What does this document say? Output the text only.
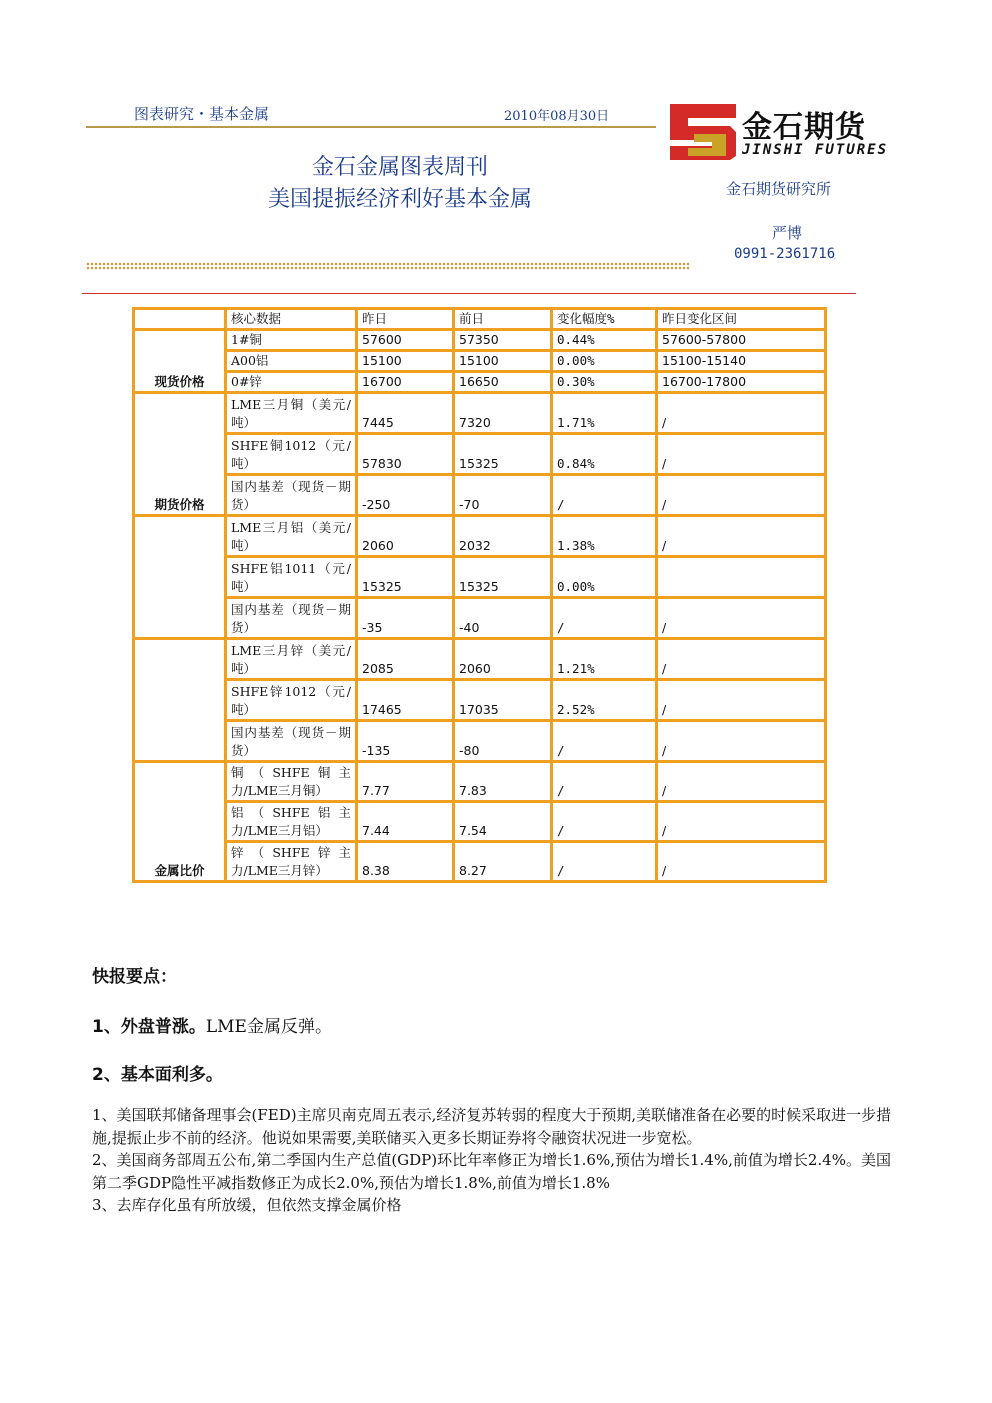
图表研究・基本金属	2010年08月30日	金石期货
JINSHI FUTURES
金石金属图表周刊
美国提振经济利好基本金属	金石期货研究所
严博
0991-2361716
	核心数据	昨日	前日	变化幅度%	昨日变化区间
现货价格	1#铜	57600	57350	0.44%	57600-57800
	A00铝	15100	15100	0.00%	15100-15140
	0#锌	16700	16650	0.30%	16700-17800
期货价格	LME三月铜（美元/吨）	7445	7320	1.71%	/
	SHFE铜1012（元/吨）	57830	15325	0.84%	/
	国内基差（现货－期货）	-250	-70	/	/
	LME三月铝（美元/吨）	2060	2032	1.38%	/
	SHFE铝1011（元/吨）	15325	15325	0.00%	
	国内基差（现货－期货）	-35	-40	/	/
	LME三月锌（美元/吨）	2085	2060	1.21%	/
	SHFE锌1012（元/吨）	17465	17035	2.52%	/
	国内基差（现货－期货）	-135	-80	/	/
金属比价	铜（SHFE铜主力/LME三月铜）	7.77	7.83	/	/
	铝（SHFE铝主力/LME三月铝）	7.44	7.54	/	/
	锌（SHFE锌主力/LME三月锌）	8.38	8.27	/	/
快报要点：
1、外盘普涨。LME金属反弹。
2、基本面利多。
1、美国联邦储备理事会(FED)主席贝南克周五表示,经济复苏转弱的程度大于预期,美联储准备在必要的时候采取进一步措施,提振止步不前的经济。他说如果需要,美联储买入更多长期证券将令融资状况进一步宽松。
2、美国商务部周五公布,第二季国内生产总值(GDP)环比年率修正为增长1.6%,预估为增长1.4%,前值为增长2.4%。美国第二季GDP隐性平减指数修正为成长2.0%,预估为增长1.8%,前值为增长1.8%
3、去库存化虽有所放缓，但依然支撑金属价格
